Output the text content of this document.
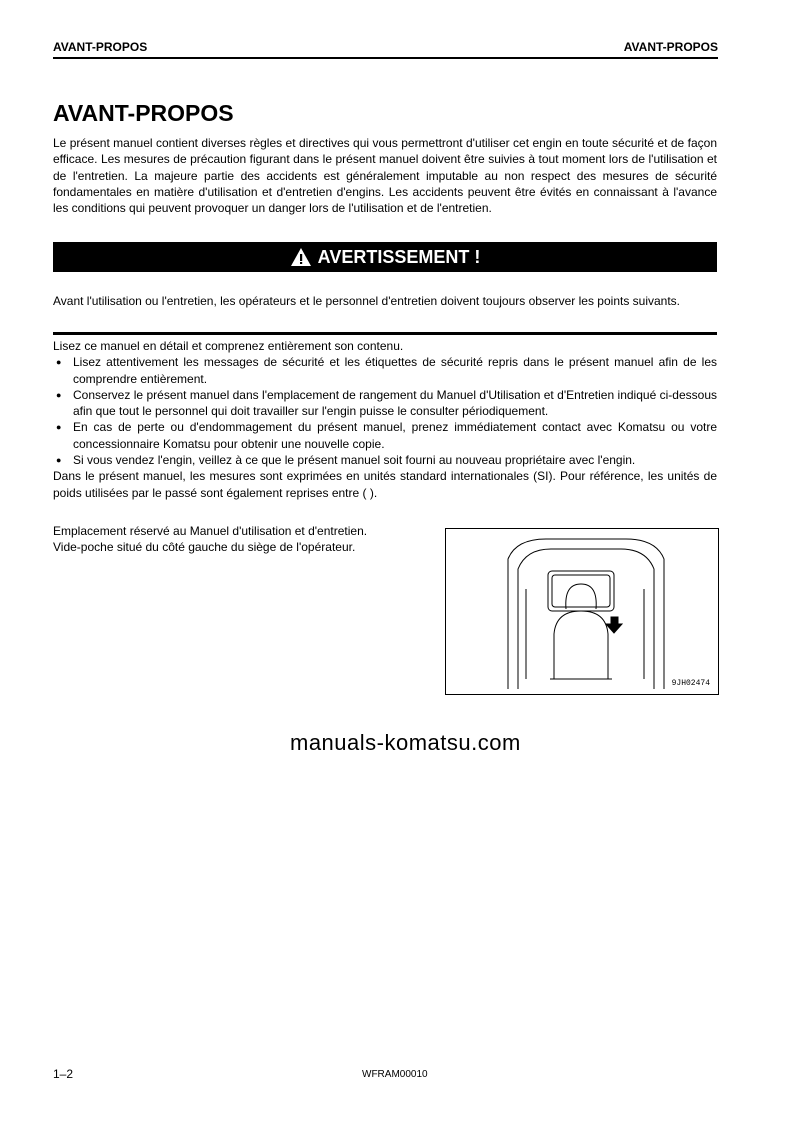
AVANT-PROPOS	AVANT-PROPOS
AVANT-PROPOS
Le présent manuel contient diverses règles et directives qui vous permettront d'utiliser cet engin en toute sécurité et de façon efficace. Les mesures de précaution figurant dans le présent manuel doivent être suivies à tout moment lors de l'utilisation et de l'entretien. La majeure partie des accidents est généralement imputable au non respect des mesures de sécurité fondamentales en matière d'utilisation et d'entretien d'engins. Les accidents peuvent être évités en connaissant à l'avance les conditions qui peuvent provoquer un danger lors de l'utilisation et de l'entretien.
AVERTISSEMENT !
Avant l'utilisation ou l'entretien, les opérateurs et le personnel d'entretien doivent toujours observer les points suivants.
Lisez ce manuel en détail et comprenez entièrement son contenu.
● Lisez attentivement les messages de sécurité et les étiquettes de sécurité repris dans le présent manuel afin de les comprendre entièrement.
● Conservez le présent manuel dans l'emplacement de rangement du Manuel d'Utilisation et d'Entretien indiqué ci-dessous afin que tout le personnel qui doit travailler sur l'engin puisse le consulter périodiquement.
● En cas de perte ou d'endommagement du présent manuel, prenez immédiatement contact avec Komatsu ou votre concessionnaire Komatsu pour obtenir une nouvelle copie.
● Si vous vendez l'engin, veillez à ce que le présent manuel soit fourni au nouveau propriétaire avec l'engin.
Dans le présent manuel, les mesures sont exprimées en unités standard internationales (SI). Pour référence, les unités de poids utilisées par le passé sont également reprises entre ( ).
manuals-komatsu.com
Emplacement réservé au Manuel d'utilisation et d'entretien.
Vide-poche situé du côté gauche du siège de l'opérateur.
9JH02474
1–2	WFRAM00010
